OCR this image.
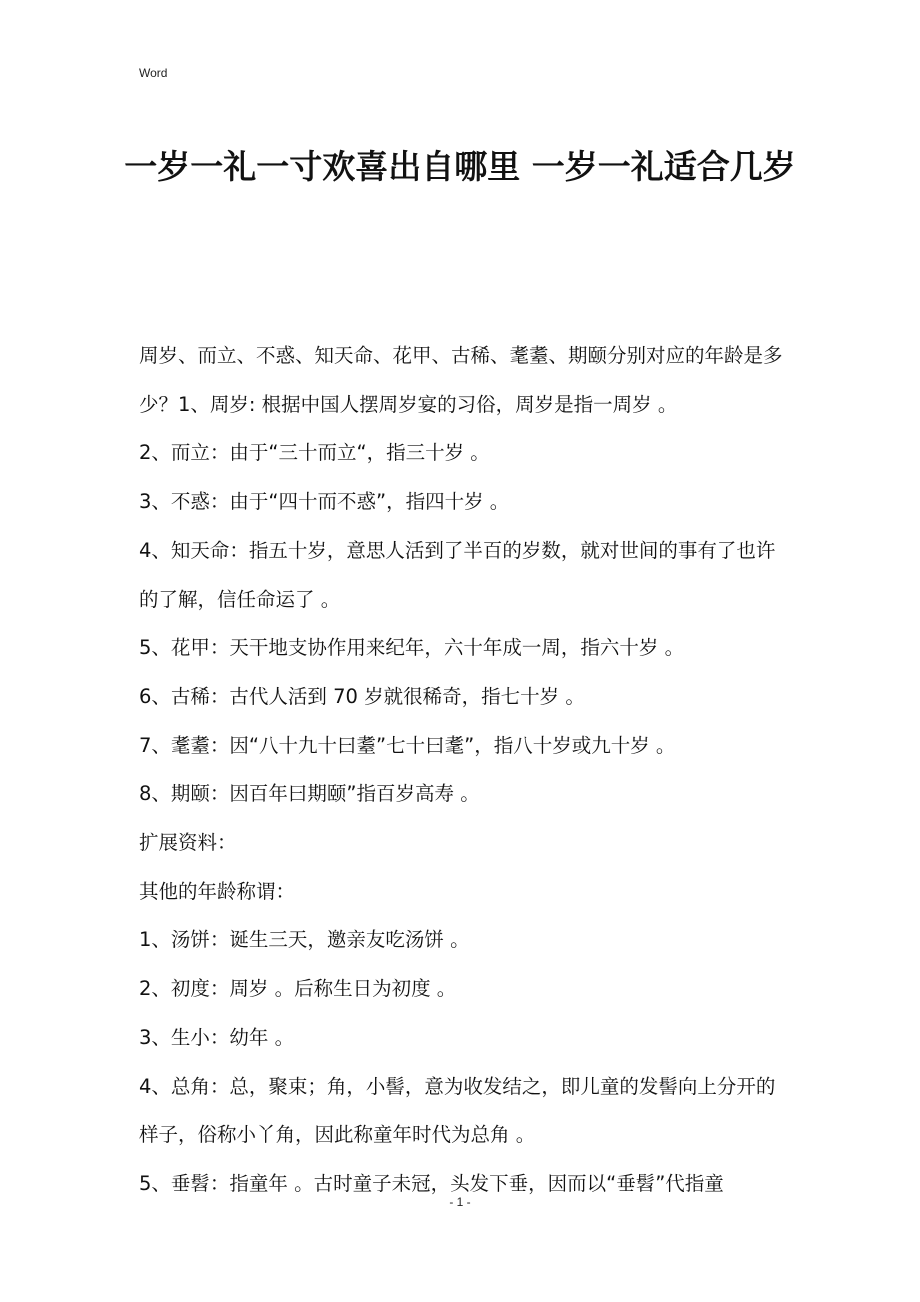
Word
一岁一礼一寸欢喜出自哪里 一岁一礼适合几岁

周岁、而立、不惑、知天命、花甲、古稀、耄耋、期颐分别对应的年龄是多少？1、周岁: 根据中国人摆周岁宴的习俗，周岁是指一周岁 。

2、而立：由于“三十而立“，指三十岁 。

3、不惑：由于“四十而不惑”，指四十岁 。

4、知天命：指五十岁，意思人活到了半百的岁数，就对世间的事有了也许的了解，信任命运了 。

5、花甲：天干地支协作用来纪年，六十年成一周，指六十岁 。

6、古稀：古代人活到 70 岁就很稀奇，指七十岁 。

7、耄耋：因“八十九十曰耋”七十曰耄”，指八十岁或九十岁 。

8、期颐：因百年曰期颐”指百岁高寿 。

扩展资料：

其他的年龄称谓：

1、汤饼：诞生三天，邀亲友吃汤饼 。

2、初度：周岁 。后称生日为初度 。

3、生小：幼年 。

4、总角：总，聚束；角，小髻，意为收发结之，即儿童的发髻向上分开的样子，俗称小丫角，因此称童年时代为总角 。

5、垂髫：指童年 。古时童子未冠，头发下垂，因而以“垂髫”代指童

- 1 -
